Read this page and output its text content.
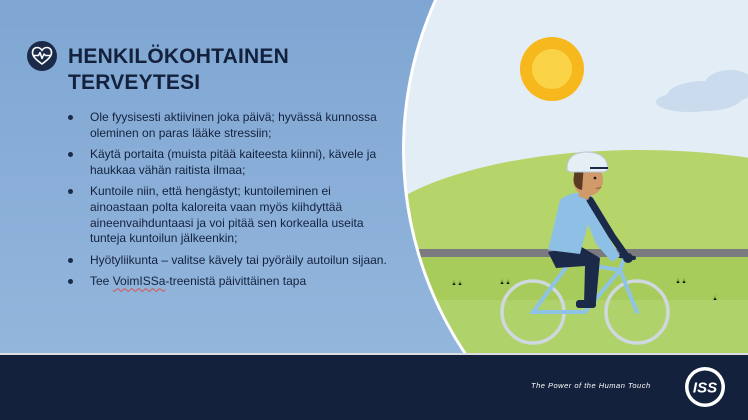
HENKILÖKOHTAINEN TERVEYTESI
Ole fyysisesti aktiivinen joka päivä; hyvässä kunnossa oleminen on paras lääke stressiin;
Käytä portaita (muista pitää kaiteesta kiinni), kävele ja haukkaa vähän raitista ilmaa;
Kuntoile niin, että hengästyt; kuntoileminen ei ainoastaan polta kaloreita vaan myös kiihdyttää aineenvaihduntaasi ja voi pitää sen korkealla useita tunteja kuntoilun jälkeenkin;
Hyötyliikunta – valitse kävely tai pyöräily autoilun sijaan.
Tee VoimISSa-treenistä päivittäinen tapa
The Power of the Human Touch	ISS
